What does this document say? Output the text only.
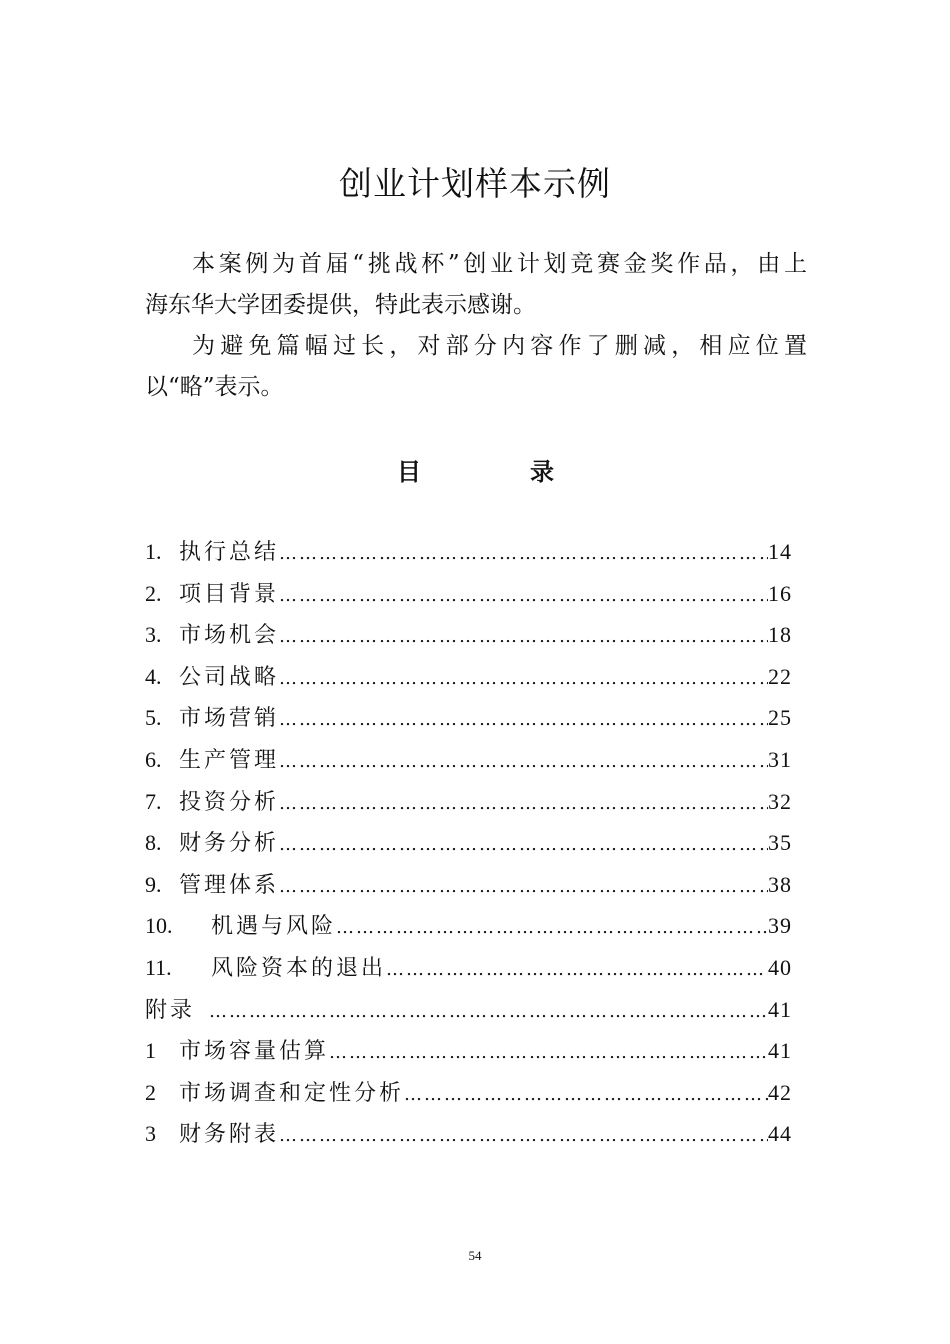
创业计划样本示例
本案例为首届“挑战杯”创业计划竞赛金奖作品，由上
海东华大学团委提供，特此表示感谢。
为避免篇幅过长，对部分内容作了删减，相应位置
以“略”表示。
目	录
1. 执行总结 …………………………………………………………………………………………………………………………	14
2. 项目背景 …………………………………………………………………………………………………………………………	16
3. 市场机会 …………………………………………………………………………………………………………………………	18
4. 公司战略 …………………………………………………………………………………………………………………………	22
5. 市场营销 …………………………………………………………………………………………………………………………	25
6. 生产管理 …………………………………………………………………………………………………………………………	31
7. 投资分析 …………………………………………………………………………………………………………………………	32
8. 财务分析 …………………………………………………………………………………………………………………………	35
9. 管理体系 …………………………………………………………………………………………………………………………	38
10.	机遇与风险 …………………………………………………………………………………………………………………………	39
11.	风险资本的退出 …………………………………………………………………………………………………………………………	40
附录 …………………………………………………………………………………………………………………………	41
1	市场容量估算 …………………………………………………………………………………………………………………………	41
2	市场调查和定性分析 …………………………………………………………………………………………………………………………	42
3	财务附表 …………………………………………………………………………………………………………………………	44
54
